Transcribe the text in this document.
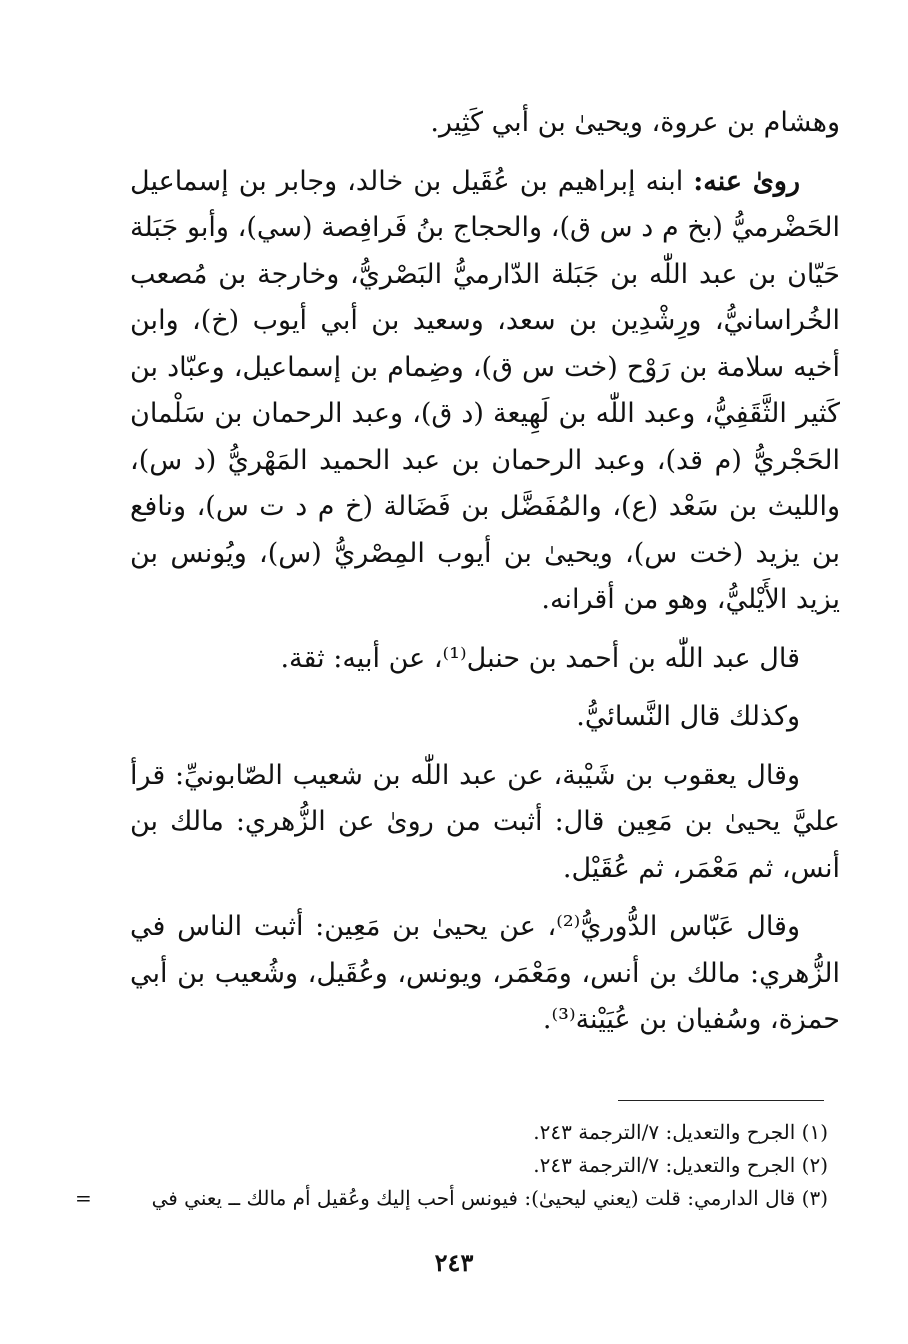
وهشام بن عروة، ويحيىٰ بن أبي كَثِير.

روىٰ عنه: ابنه إبراهيم بن عُقَيل بن خالد، وجابر بن إسماعيل الحَضْرميُّ (بخ م د س ق)، والحجاج بنُ فَرافِصة (سي)، وأبو جَبَلة حَيّان بن عبد اللّٰه بن جَبَلة الدّارميُّ البَصْريُّ، وخارجة بن مُصعب الخُراسانيُّ، ورِشْدِين بن سعد، وسعيد بن أبي أيوب (خ)، وابن أخيه سلامة بن رَوْح (خت س ق)، وضِمام بن إسماعيل، وعبّاد بن كَثير الثَّقَفِيُّ، وعبد اللّٰه بن لَهِيعة (د ق)، وعبد الرحمان بن سَلْمان الحَجْريُّ (م قد)، وعبد الرحمان بن عبد الحميد المَهْريُّ (د س)، والليث بن سَعْد (ع)، والمُفَضَّل بن فَضَالة (خ م د ت س)، ونافع بن يزيد (خت س)، ويحيىٰ بن أيوب المِصْريُّ (س)، ويُونس بن يزيد الأَيْليُّ، وهو من أقرانه.

قال عبد اللّٰه بن أحمد بن حنبل⁽¹⁾، عن أبيه: ثقة.

وكذلك قال النَّسائيُّ.

وقال يعقوب بن شَيْبة، عن عبد اللّٰه بن شعيب الصّابونيِّ: قرأ عليَّ يحيىٰ بن مَعِين قال: أثبت من روىٰ عن الزُّهري: مالك بن أنس، ثم مَعْمَر، ثم عُقَيْل.

وقال عَبّاس الدُّوريُّ⁽²⁾، عن يحيىٰ بن مَعِين: أثبت الناس في الزُّهري: مالك بن أنس، ومَعْمَر، ويونس، وعُقَيل، وشُعيب بن أبي حمزة، وسُفيان بن عُيَيْنة⁽³⁾.

(١) الجرح والتعديل: ٧/الترجمة ٢٤٣.

(٢) الجرح والتعديل: ٧/الترجمة ٢٤٣.

(٣) قال الدارمي: قلت (يعني ليحيىٰ): فيونس أحب إليك وعُقيل أم مالك ــ يعني في
=

٢٤٣
